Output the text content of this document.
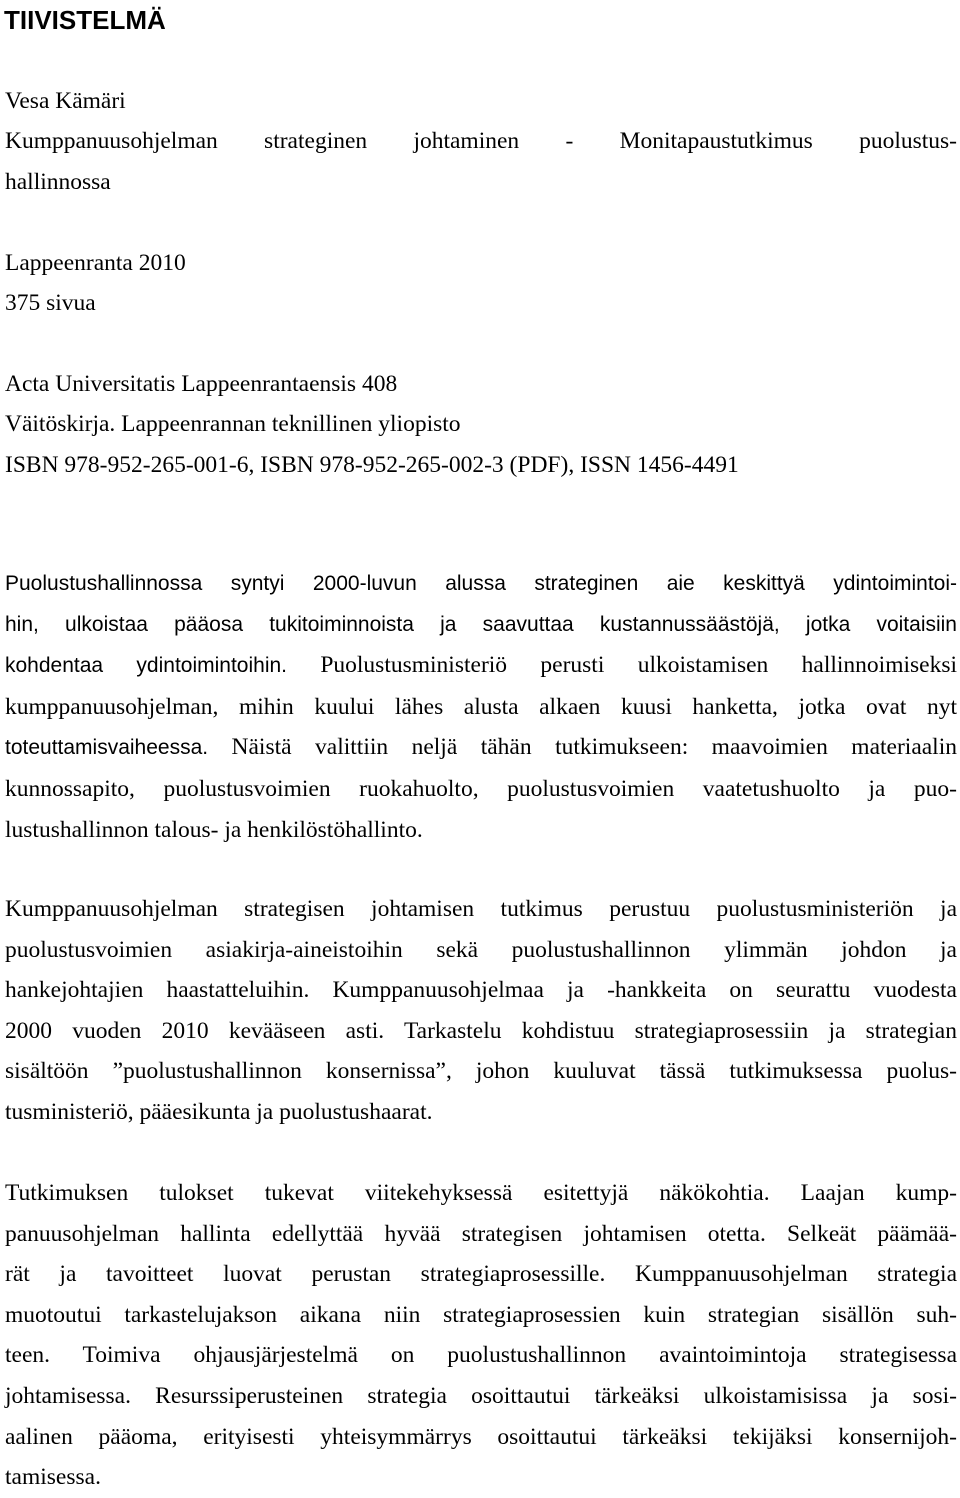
TIIVISTELMÄ

Vesa Kämäri

Kumppanuusohjelman strateginen johtaminen - Monitapaustutkimus puolustus-

hallinnossa

Lappeenranta 2010

375 sivua

Acta Universitatis Lappeenrantaensis 408

Väitöskirja. Lappeenrannan teknillinen yliopisto

ISBN 978-952-265-001-6, ISBN 978-952-265-002-3 (PDF), ISSN 1456-4491

Puolustushallinnossa syntyi 2000-luvun alussa strateginen aie keskittyä ydintoimintoi-
hin, ulkoistaa pääosa tukitoiminnoista ja saavuttaa kustannussäästöjä, jotka voitaisiin
kohdentaa ydintoimintoihin. Puolustusministeriö perusti ulkoistamisen hallinnoimiseksi
kumppanuusohjelman, mihin kuului lähes alusta alkaen kuusi hanketta, jotka ovat nyt
toteuttamisvaiheessa. Näistä valittiin neljä tähän tutkimukseen: maavoimien materiaalin
kunnossapito, puolustusvoimien ruokahuolto, puolustusvoimien vaatetushuolto ja puo-
lustushallinnon talous- ja henkilöstöhallinto.
Kumppanuusohjelman strategisen johtamisen tutkimus perustuu puolustusministeriön ja
puolustusvoimien asiakirja-aineistoihin sekä puolustushallinnon ylimmän johdon ja
hankejohtajien haastatteluihin. Kumppanuusohjelmaa ja -hankkeita on seurattu vuodesta
2000 vuoden 2010 kevääseen asti. Tarkastelu kohdistuu strategiaprosessiin ja strategian
sisältöön ”puolustushallinnon konsernissa”, johon kuuluvat tässä tutkimuksessa puolus-
tusministeriö, pääesikunta ja puolustushaarat.
Tutkimuksen tulokset tukevat viitekehyksessä esitettyjä näkökohtia. Laajan kump-
panuusohjelman hallinta edellyttää hyvää strategisen johtamisen otetta. Selkeät päämää-
rät ja tavoitteet luovat perustan strategiaprosessille. Kumppanuusohjelman strategia
muotoutui tarkastelujakson aikana niin strategiaprosessien kuin strategian sisällön suh-
teen. Toimiva ohjausjärjestelmä on puolustushallinnon avaintoimintoja strategisessa
johtamisessa. Resurssiperusteinen strategia osoittautui tärkeäksi ulkoistamisissa ja sosi-
aalinen pääoma, erityisesti yhteisymmärrys osoittautui tärkeäksi tekijäksi konsernijoh-
tamisessa.
